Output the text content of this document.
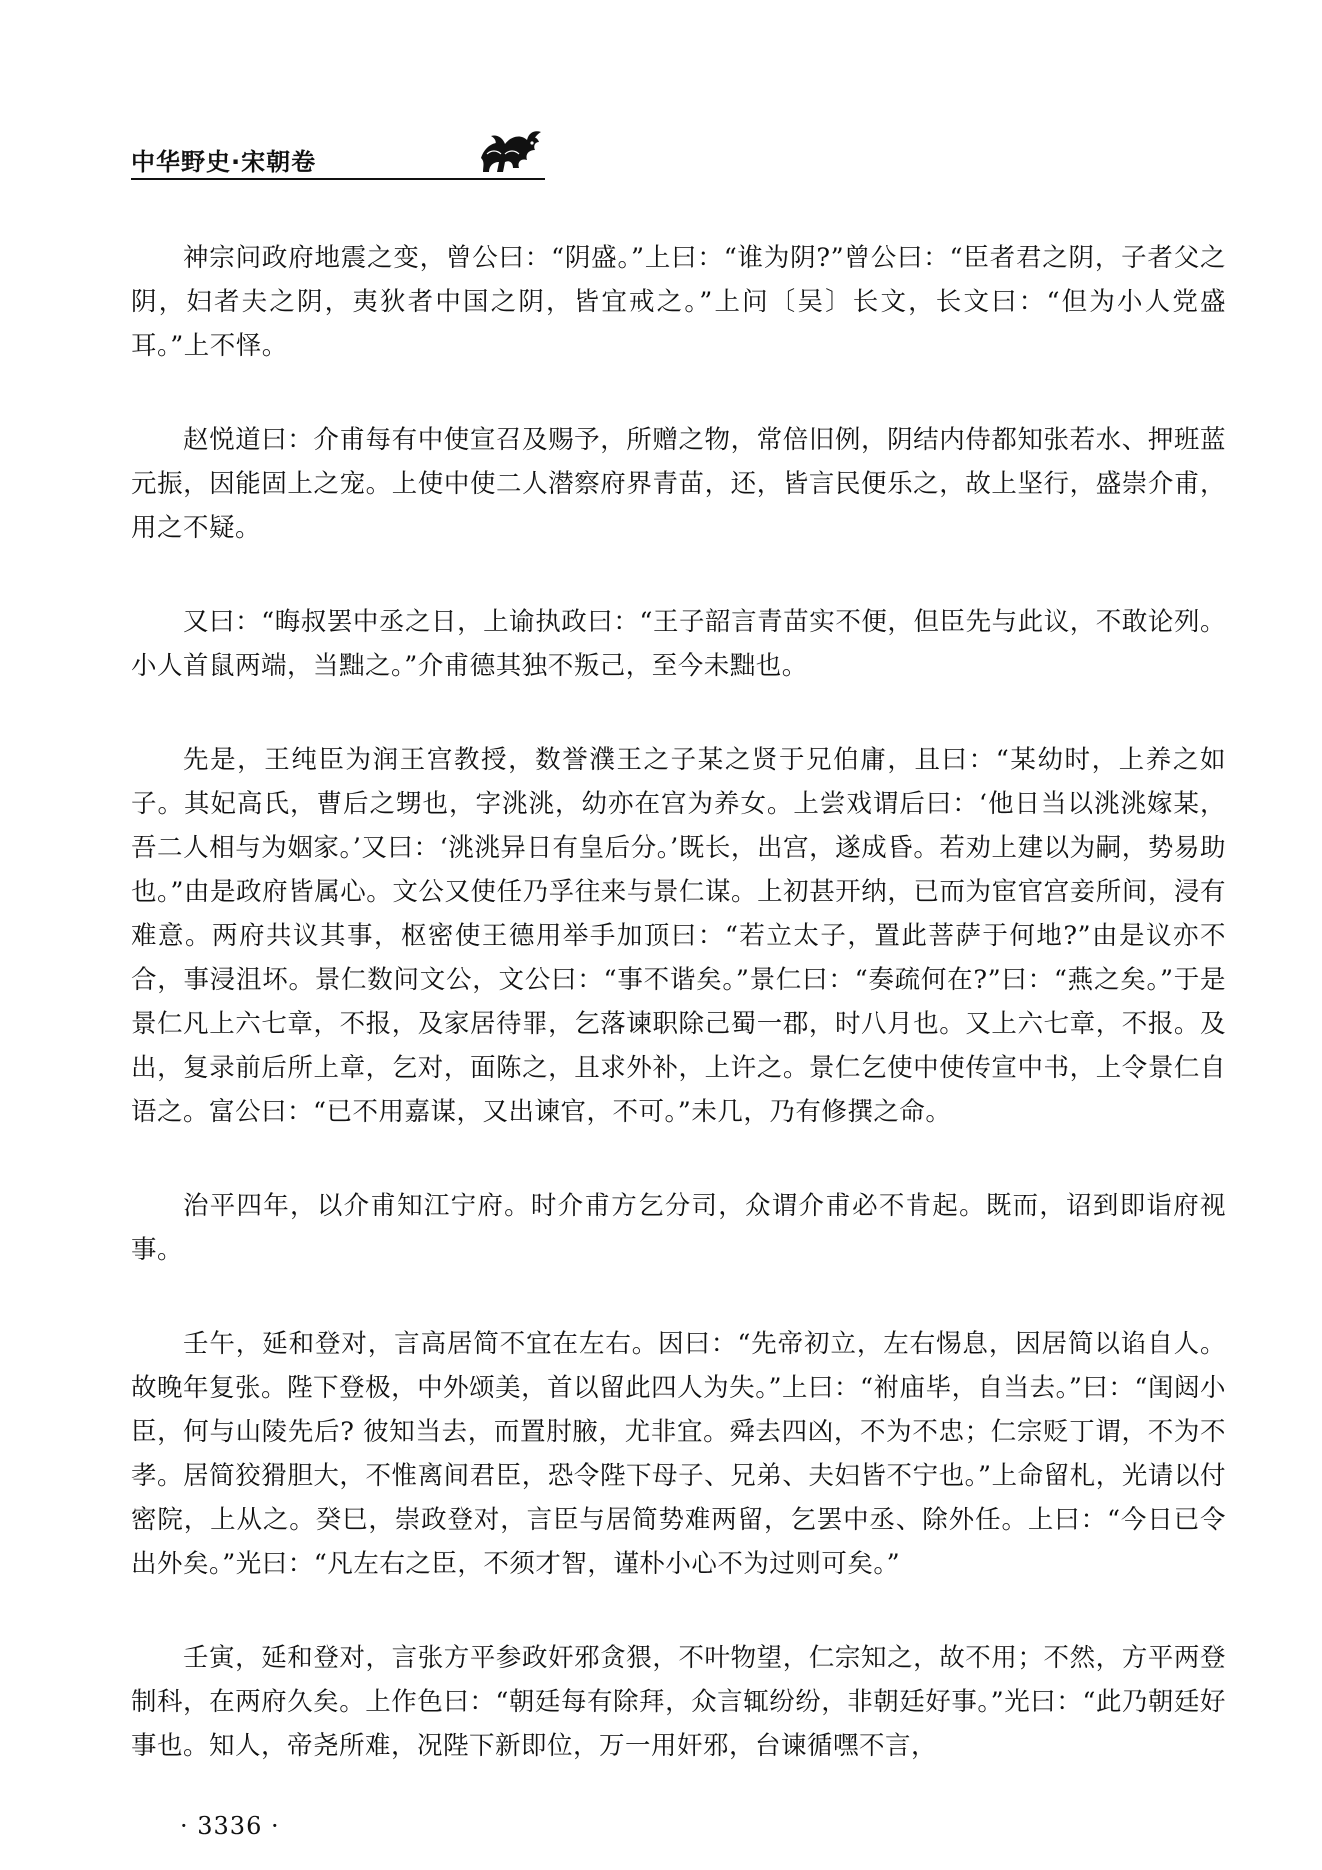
中华野史·宋朝卷

神宗问政府地震之变，曾公曰：“阴盛。”上曰：“谁为阴?”曾公曰：“臣者君之阴，子者父之阴，妇者夫之阴，夷狄者中国之阴，皆宜戒之。”上问〔吴〕长文，长文曰：“但为小人党盛耳。”上不怿。

赵悦道曰：介甫每有中使宣召及赐予，所赠之物，常倍旧例，阴结内侍都知张若水、押班蓝元振，因能固上之宠。上使中使二人潜察府界青苗，还，皆言民便乐之，故上坚行，盛崇介甫，用之不疑。

又曰：“晦叔罢中丞之日，上谕执政曰：“王子韶言青苗实不便，但臣先与此议，不敢论列。小人首鼠两端，当黜之。”介甫德其独不叛己，至今未黜也。

先是，王纯臣为润王宫教授，数誉濮王之子某之贤于兄伯庸，且曰：“某幼时，上养之如子。其妃高氏，曹后之甥也，字洮洮，幼亦在宫为养女。上尝戏谓后曰：‘他日当以洮洮嫁某，吾二人相与为姻家。’又曰：‘洮洮异日有皇后分。’既长，出宫，遂成昏。若劝上建以为嗣，势易助也。”由是政府皆属心。文公又使任乃孚往来与景仁谋。上初甚开纳，已而为宦官宫妾所间，浸有难意。两府共议其事，枢密使王德用举手加顶曰：“若立太子，置此菩萨于何地?”由是议亦不合，事浸沮坏。景仁数问文公，文公曰：“事不谐矣。”景仁曰：“奏疏何在?”曰：“燕之矣。”于是景仁凡上六七章，不报，及家居待罪，乞落谏职除己蜀一郡，时八月也。又上六七章，不报。及出，复录前后所上章，乞对，面陈之，且求外补，上许之。景仁乞使中使传宣中书，上令景仁自语之。富公曰：“已不用嘉谋，又出谏官，不可。”未几，乃有修撰之命。

治平四年，以介甫知江宁府。时介甫方乞分司，众谓介甫必不肯起。既而，诏到即诣府视事。

壬午，延和登对，言高居简不宜在左右。因曰：“先帝初立，左右惕息，因居简以谄自人。故晚年复张。陛下登极，中外颂美，首以留此四人为失。”上曰：“祔庙毕，自当去。”曰：“闺闼小臣，何与山陵先后? 彼知当去，而置肘腋，尤非宜。舜去四凶，不为不忠；仁宗贬丁谓，不为不孝。居简狡猾胆大，不惟离间君臣，恐令陛下母子、兄弟、夫妇皆不宁也。”上命留札，光请以付密院，上从之。癸巳，崇政登对，言臣与居简势难两留，乞罢中丞、除外任。上曰：“今日已令出外矣。”光曰：“凡左右之臣，不须才智，谨朴小心不为过则可矣。”

壬寅，延和登对，言张方平参政奸邪贪猥，不叶物望，仁宗知之，故不用；不然，方平两登制科，在两府久矣。上作色曰：“朝廷每有除拜，众言辄纷纷，非朝廷好事。”光曰：“此乃朝廷好事也。知人，帝尧所难，况陛下新即位，万一用奸邪，台谏循嘿不言，

· 3336 ·
